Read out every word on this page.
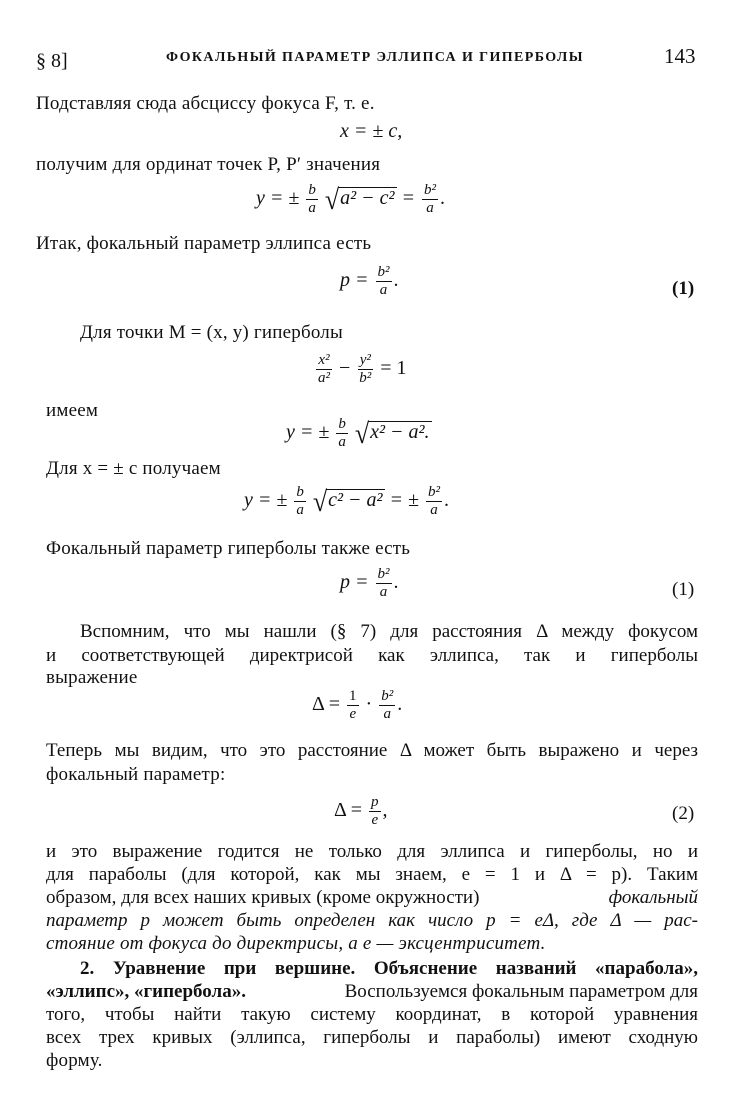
§ 8]	ФОКАЛЬНЫЙ ПАРАМЕТР ЭЛЛИПСА И ГИПЕРБОЛЫ	143
Подставляя сюда абсциссу фокуса F, т. е.
x = ± c,
получим для ординат точек P, P′ значения
y = ± $\frac{b}{a} √a^2 - c^2 = \frac{\text{b²}}{a}$ .
Итак, фокальный параметр эллипса есть
$p = \frac{\text{b²}}{a}$ .	(1)
Для точки M = (x, y) гиперболы
$\frac{\text{x²}}{\text{a²}} - \frac{\text{y²}}{\text{b²}} = 1$
имеем
y = ± $\frac{b}{a} √x^2 - a^2$.
Для x = ± c получаем
y = ± $\frac{b}{a} √c^2 - a^2$ = ± $\frac{\text{b²}}{a}$ .
Фокальный параметр гиперболы также есть
$p = \frac{\text{b²}}{a}$ .	(1)
Вспомним, что мы нашли (§ 7) для расстояния Δ между фокусом
и соответствующей директрисой как эллипса, так и гиперболы
выражение
$\Delta = \frac{1}{e} \cdot \frac{\text{b²}}{a}$ .
Теперь мы видим, что это расстояние Δ может быть выражено и через
фокальный параметр:
$\Delta = \frac{p}{e}$ ,	(2)
и это выражение годится не только для эллипса и гиперболы, но и
для параболы (для которой, как мы знаем, e = 1 и Δ = p). Таким
образом, для всех наших кривых (кроме окружности)	фокальный
параметр p может быть определен как число p = eΔ, где Δ — рас-
стояние от фокуса до директрисы, а e — эксцентриситет.
2. Уравнение при вершине. Объяснение названий «парабола»,
«эллипс», «гипербола».	Воспользуемся фокальным параметром для
того, чтобы найти такую систему координат, в которой уравнения
всех трех кривых (эллипса, гиперболы и параболы) имеют сходную
форму.
